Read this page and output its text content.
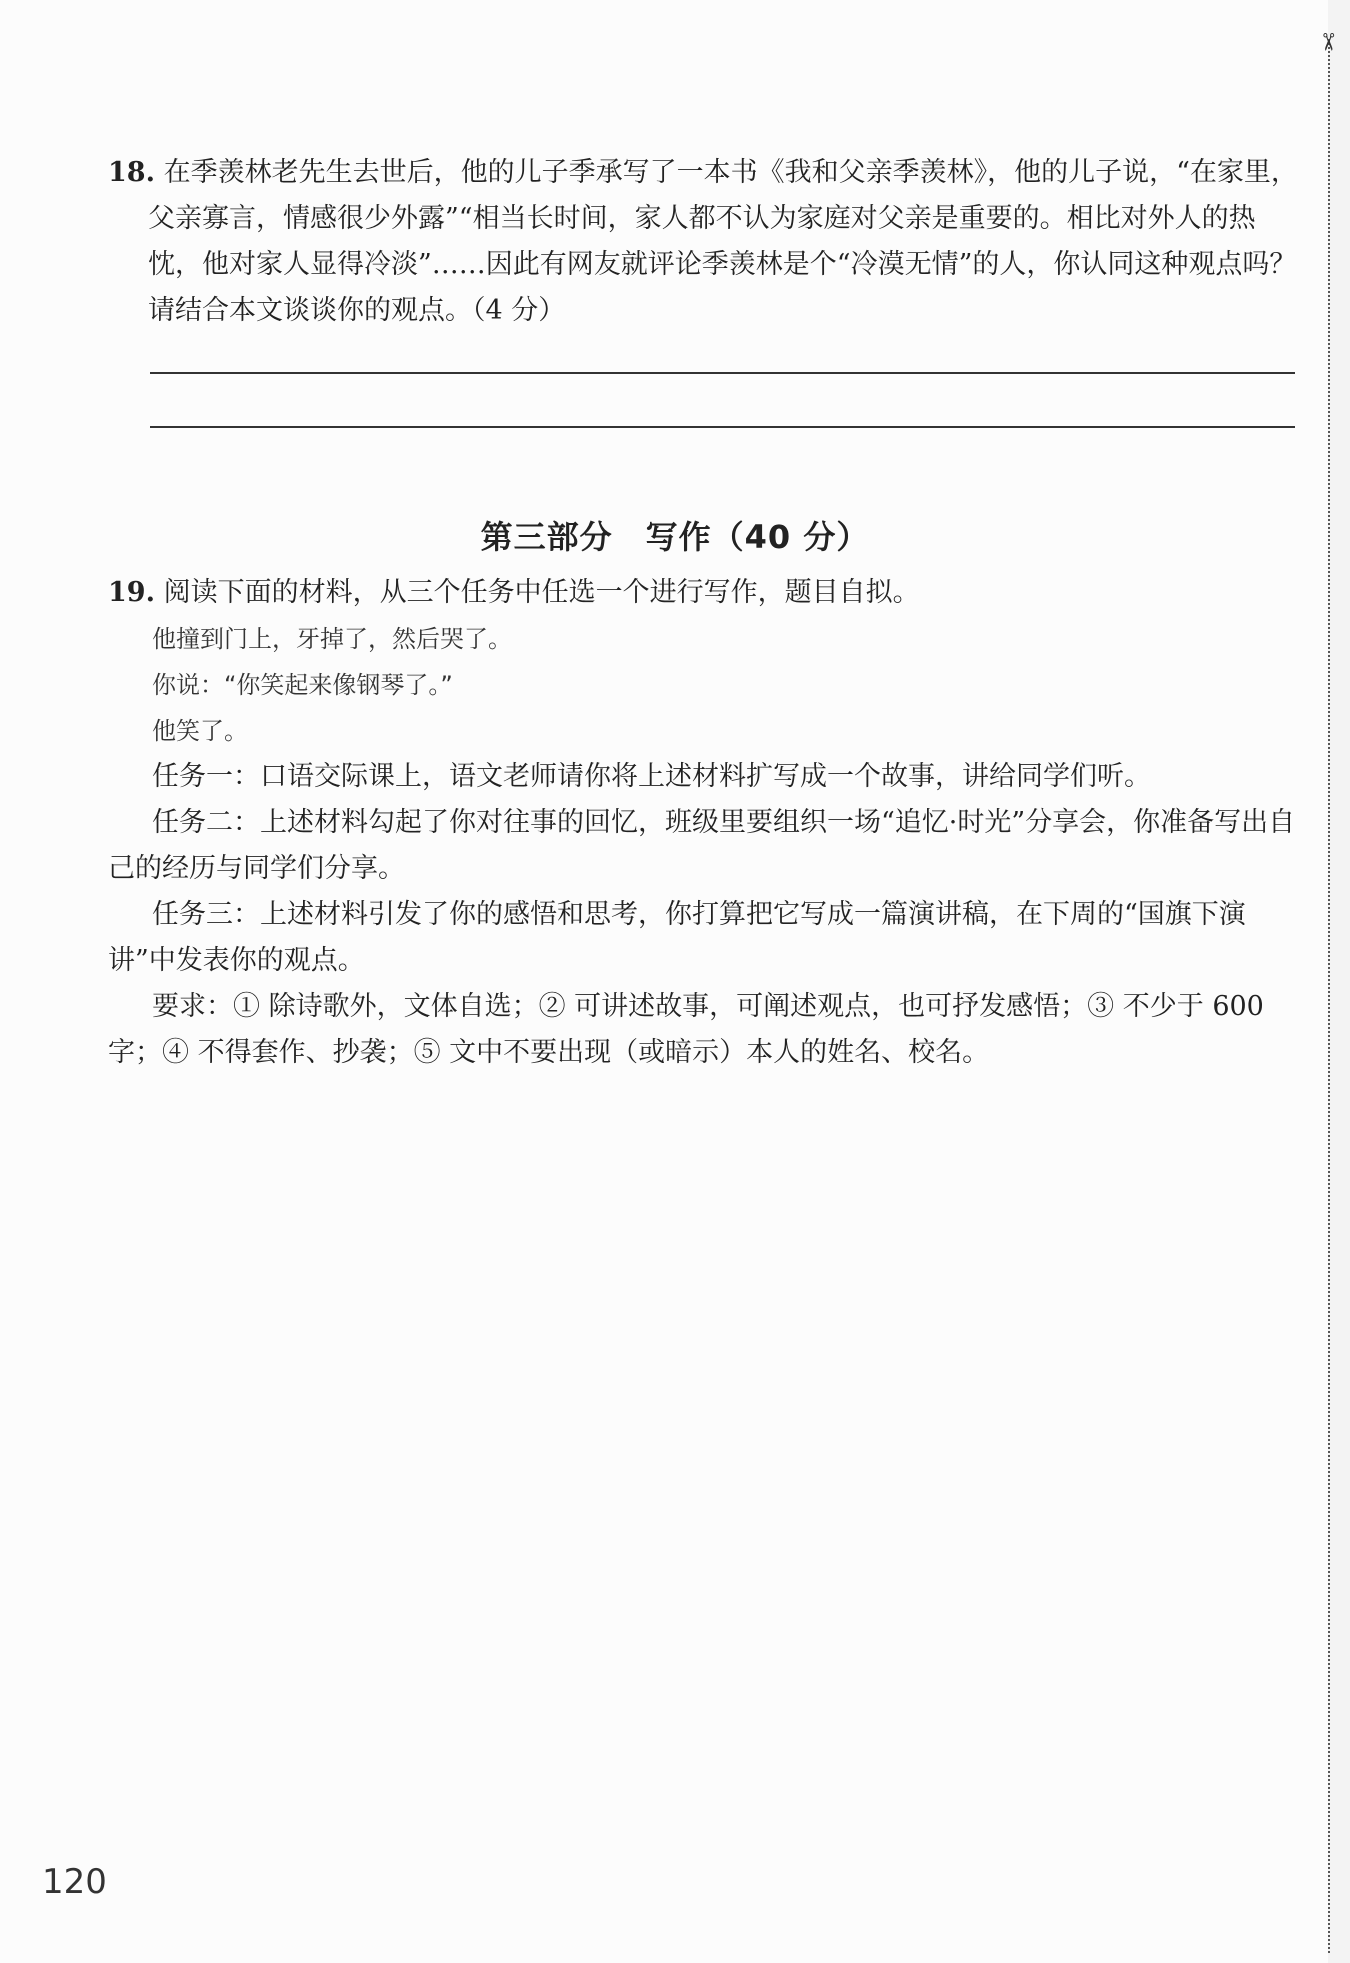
✂
18. 在季羡林老先生去世后，他的儿子季承写了一本书《我和父亲季羡林》，他的儿子说，“在家里，父亲寡言，情感很少外露”“相当长时间，家人都不认为家庭对父亲是重要的。相比对外人的热忱，他对家人显得冷淡”……因此有网友就评论季羡林是个“冷漠无情”的人，你认同这种观点吗？请结合本文谈谈你的观点。（4 分）
第三部分　写作（40 分）
19. 阅读下面的材料，从三个任务中任选一个进行写作，题目自拟。
他撞到门上，牙掉了，然后哭了。
你说：“你笑起来像钢琴了。”
他笑了。
任务一：口语交际课上，语文老师请你将上述材料扩写成一个故事，讲给同学们听。
任务二：上述材料勾起了你对往事的回忆，班级里要组织一场“追忆·时光”分享会，你准备写出自己的经历与同学们分享。
任务三：上述材料引发了你的感悟和思考，你打算把它写成一篇演讲稿，在下周的“国旗下演讲”中发表你的观点。
要求：① 除诗歌外，文体自选；② 可讲述故事，可阐述观点，也可抒发感悟；③ 不少于 600 字；④ 不得套作、抄袭；⑤ 文中不要出现（或暗示）本人的姓名、校名。
120
